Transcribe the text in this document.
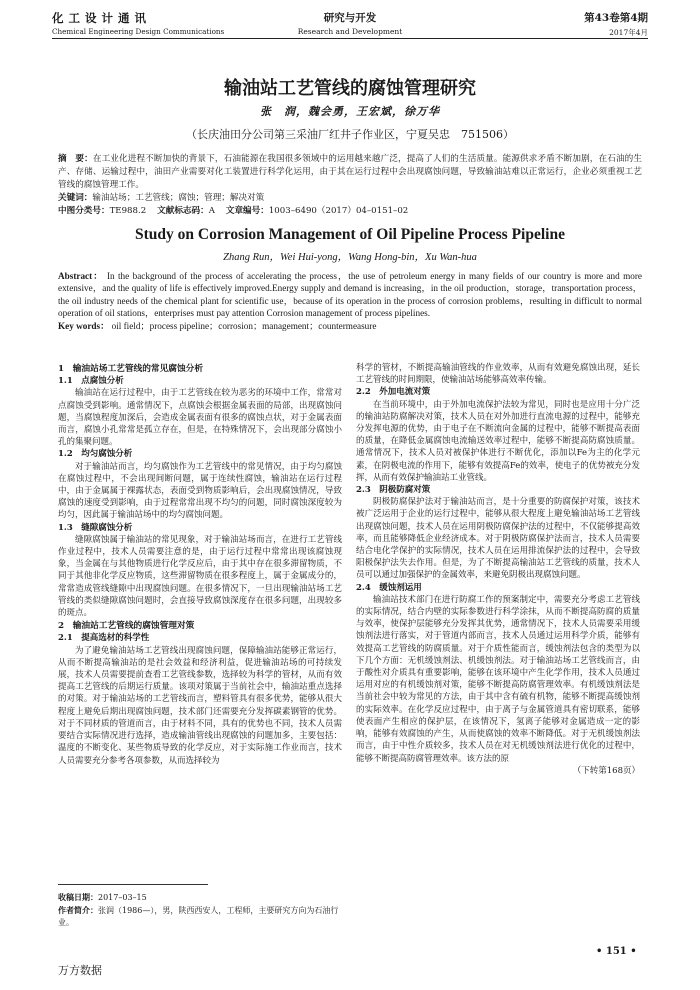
化工设计通讯
Chemical Engineering Design Communications
研究与开发
Research and Development
第43卷第4期
2017年4月
输油站工艺管线的腐蚀管理研究
张　润，魏会勇，王宏斌，徐万华
（长庆油田分公司第三采油厂红井子作业区，宁夏吴忠　751506）
摘　要：在工业化进程不断加快的背景下，石油能源在我国很多领域中的运用越来越广泛，提高了人们的生活质量。能源供求矛盾不断加剧，在石油的生产、存储、运输过程中，油田产业需要对化工装置进行科学化运用，由于其在运行过程中会出现腐蚀问题，导致输油站难以正常运行，企业必须重视工艺管线的腐蚀管理工作。
关键词：输油站场；工艺管线；腐蚀；管理；解决对策
中图分类号：TE988.2 文献标志码：A 文章编号：1003–6490（2017）04–0151–02
Study on Corrosion Management of Oil Pipeline Process Pipeline
Zhang Run，Wei Hui-yong，Wang Hong-bin，Xu Wan-hua
Abstract： In the background of the process of accelerating the process，the use of petroleum energy in many fields of our country is more and more extensive，and the quality of life is effectively improved.Energy supply and demand is increasing，in the oil production，storage，transportation process，the oil industry needs of the chemical plant for scientific use，because of its operation in the process of corrosion problems，resulting in difficult to normal operation of oil stations，enterprises must pay attention Corrosion management of process pipelines.
Key words： oil field；process pipeline；corrosion；management；countermeasure
1　输油站场工艺管线的常见腐蚀分析
1.1　点腐蚀分析

输油站在运行过程中，由于工艺管线在较为恶劣的环境中工作，常常对点腐蚀受到影响。通常情况下，点腐蚀会根据金属表面的局部，出现腐蚀问题，当腐蚀程度加深后，会造成金属表面有很多的腐蚀点状，对于金属表面而言，腐蚀小孔常常是孤立存在，但是，在特殊情况下，会出现部分腐蚀小孔的集聚问题。

1.2　均匀腐蚀分析

对于输油站而言，均匀腐蚀作为工艺管线中的常见情况，由于均匀腐蚀在腐蚀过程中，不会出现间断问题，属于连续性腐蚀，输油站在运行过程中，由于金属属于裸露状态，表面受到物质影响后，会出现腐蚀情况，导致腐蚀的速度受到影响，由于过程常常出现不均匀的问题，同时腐蚀深度较为均匀，因此属于输油站场中的均匀腐蚀问题。

1.3　缝隙腐蚀分析

缝隙腐蚀属于输油站的常见现象，对于输油站场而言，在进行工艺管线作业过程中，技术人员需要注意的是，由于运行过程中常常出现该腐蚀现象，当金属在与其他物质进行化学反应后，由于其中存在很多滞留物质，不同于其他非化学反应物质，这些滞留物质在很多程度上，属于金属成分的，常常造成管线缝隙中出现腐蚀问题。在很多情况下，一旦出现输油站场工艺管线的类似缝隙腐蚀问题时，会直接导致腐蚀深度存在很多问题，出现较多的斑点。

2　输油站工艺管线的腐蚀管理对策
2.1　提高选材的科学性

为了避免输油站场工艺管线出现腐蚀问题，保障输油站能够正常运行，从而不断提高输油站的是社会效益和经济利益，促进输油站场的可持续发展，技术人员需要提前查看工艺管线参数，选择较为科学的管材，从而有效提高工艺管线的后期运行质量。该项对策属于当前社会中，输油站重点选择的对策。对于输油站场的工艺管线而言，塑料管具有很多优势，能够从很大程度上避免后期出现腐蚀问题，技术部门还需要充分发挥碳素钢管的优势。对于不同材质的管道而言，由于材料不同，具有的优势也不同，技术人员需要结合实际情况进行选择，造成输油管线出现腐蚀的问题加多，主要包括：温度的不断变化、某些物质导致的化学反应，对于实际施工作业而言，技术人员需要充分参考各项参数，从而选择较为

科学的管材，不断提高输油管线的作业效率，从而有效避免腐蚀出现，延长工艺管线的时间期限，使输油站场能够高效率传输。

2.2　外加电流对策

在当前环境中，由于外加电流保护法较为常见，同时也是应用十分广泛的输油站防腐解决对策，技术人员在对外加进行直流电源的过程中，能够充分发挥电源的优势，由于电子在不断流向金属的过程中，能够不断提高表面的质量，在降低金属腐蚀电流输送效率过程中，能够不断提高防腐蚀质量。通常情况下，技术人员对被保护体进行不断优化，添加以Fe为主的化学元素，在阴极电流的作用下，能够有效提高Fe的效率，使电子的优势被充分发挥，从而有效保护输油站工业管线。

2.3　阴极防腐对策

阴极防腐保护法对于输油站而言，是十分重要的防腐保护对策，该技术被广泛运用于企业的运行过程中，能够从很大程度上避免输油站场工艺管线出现腐蚀问题，技术人员在运用阴极防腐保护法的过程中，不仅能够提高效率，而且能够降低企业经济成本。对于阴极防腐保护法而言，技术人员需要结合电化学保护的实际情况，技术人员在运用排流保护法的过程中，会导致阳极保护法失去作用。但是，为了不断提高输油站工艺管线的质量，技术人员可以通过加强保护的金属效率，来避免阴极出现腐蚀问题。

2.4　缓蚀剂运用

输油站技术部门在进行防腐工作的预案制定中，需要充分考虑工艺管线的实际情况，结合内壁的实际参数进行科学涂抹，从而不断提高防腐的质量与效率，使保护层能够充分发挥其优势，通常情况下，技术人员需要采用缓蚀剂法进行落实，对于管道内部而言，技术人员通过运用科学介质，能够有效提高工艺管线的防腐质量。对于介质性能而言，缓蚀剂法包含的类型为以下几个方面：无机缓蚀剂法、机缓蚀剂法。对于输油站场工艺管线而言，由于酸性对介质具有重要影响，能够在该环境中产生化学作用，技术人员通过运用对应的有机缓蚀剂对策，能够不断提高防腐管理效率。有机缓蚀剂法是当前社会中较为常见的方法，由于其中含有硫有机物，能够不断提高缓蚀剂的实际效率。在化学反应过程中，由于离子与金属管道具有密切联系，能够使表面产生相应的保护层，在该情况下，氢离子能够对金属造成一定的影响，能够有效腐蚀的产生，从而使腐蚀的效率不断降低。对于无机缓蚀剂法而言，由于中性介质较多，技术人员在对无机缓蚀剂法进行优化的过程中，能够不断提高防腐管理效率。该方法的原

（下转第168页）
收稿日期：2017–03–15
作者简介：张润（1986—），男，陕西西安人，工程师，主要研究方向为石油行业。
• 151 •
万方数据
